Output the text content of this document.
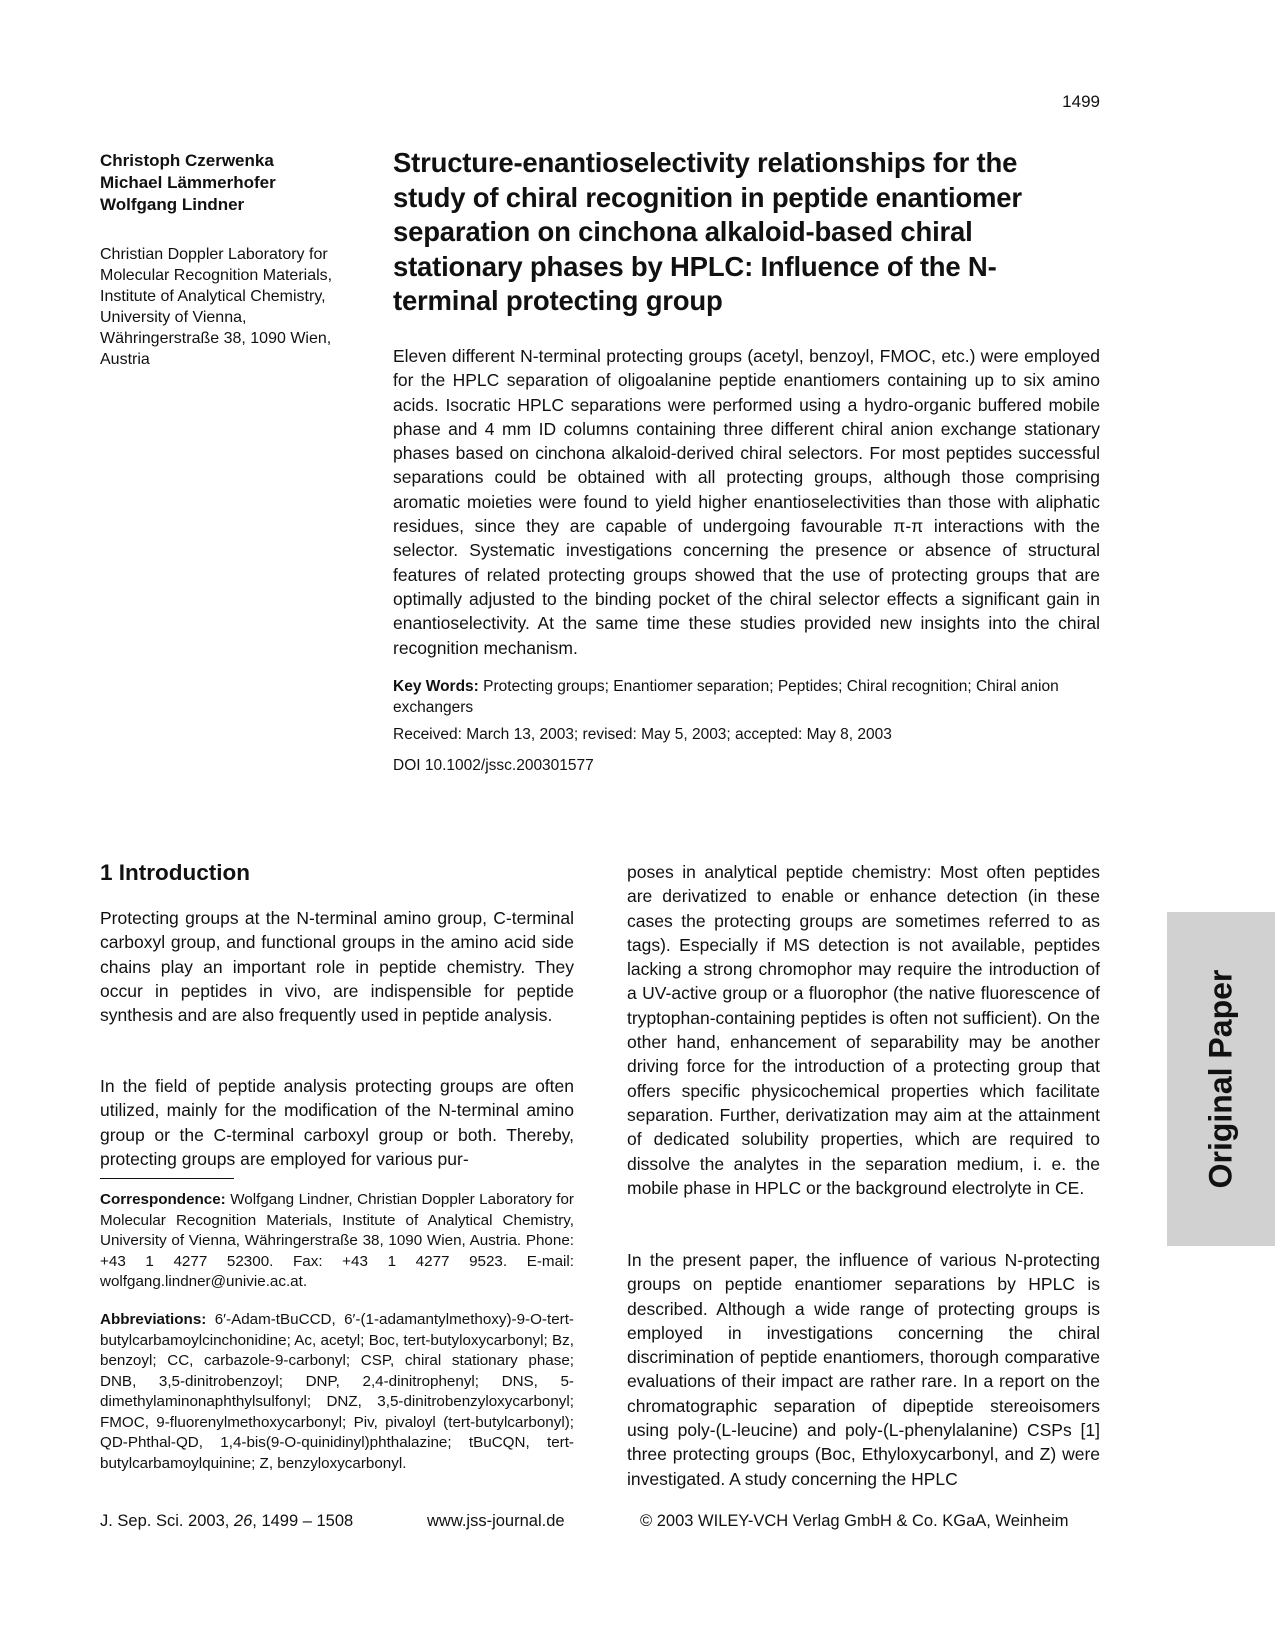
1499
Christoph Czerwenka
Michael Lämmerhofer
Wolfgang Lindner
Christian Doppler Laboratory for Molecular Recognition Materials, Institute of Analytical Chemistry, University of Vienna, Währingerstraße 38, 1090 Wien, Austria
Structure-enantioselectivity relationships for the study of chiral recognition in peptide enantiomer separation on cinchona alkaloid-based chiral stationary phases by HPLC: Influence of the N-terminal protecting group

Eleven different N-terminal protecting groups (acetyl, benzoyl, FMOC, etc.) were employed for the HPLC separation of oligoalanine peptide enantiomers containing up to six amino acids. Isocratic HPLC separations were performed using a hydro-organic buffered mobile phase and 4 mm ID columns containing three different chiral anion exchange stationary phases based on cinchona alkaloid-derived chiral selectors. For most peptides successful separations could be obtained with all protecting groups, although those comprising aromatic moieties were found to yield higher enantioselectivities than those with aliphatic residues, since they are capable of undergoing favourable π-π interactions with the selector. Systematic investigations concerning the presence or absence of structural features of related protecting groups showed that the use of protecting groups that are optimally adjusted to the binding pocket of the chiral selector effects a significant gain in enantioselectivity. At the same time these studies provided new insights into the chiral recognition mechanism.

Key Words: Protecting groups; Enantiomer separation; Peptides; Chiral recognition; Chiral anion exchangers

Received: March 13, 2003; revised: May 5, 2003; accepted: May 8, 2003
DOI 10.1002/jssc.200301577
1 Introduction

Protecting groups at the N-terminal amino group, C-terminal carboxyl group, and functional groups in the amino acid side chains play an important role in peptide chemistry. They occur in peptides in vivo, are indispensible for peptide synthesis and are also frequently used in peptide analysis.

In the field of peptide analysis protecting groups are often utilized, mainly for the modification of the N-terminal amino group or the C-terminal carboxyl group or both. Thereby, protecting groups are employed for various pur-

Correspondence: Wolfgang Lindner, Christian Doppler Laboratory for Molecular Recognition Materials, Institute of Analytical Chemistry, University of Vienna, Währingerstraße 38, 1090 Wien, Austria. Phone: +43 1 4277 52300. Fax: +43 1 4277 9523. E-mail: wolfgang.lindner@univie.ac.at.

Abbreviations: 6′-Adam-tBuCCD, 6′-(1-adamantylmethoxy)-9-O-tert-butylcarbamoylcinchonidine; Ac, acetyl; Boc, tert-butyloxycarbonyl; Bz, benzoyl; CC, carbazole-9-carbonyl; CSP, chiral stationary phase; DNB, 3,5-dinitrobenzoyl; DNP, 2,4-dinitrophenyl; DNS, 5-dimethylaminonaphthylsulfonyl; DNZ, 3,5-dinitrobenzyloxycarbonyl; FMOC, 9-fluorenylmethoxycarbonyl; Piv, pivaloyl (tert-butylcarbonyl); QD-Phthal-QD, 1,4-bis(9-O-quinidinyl)phthalazine; tBuCQN, tert-butylcarbamoylquinine; Z, benzyloxycarbonyl.

poses in analytical peptide chemistry: Most often peptides are derivatized to enable or enhance detection (in these cases the protecting groups are sometimes referred to as tags). Especially if MS detection is not available, peptides lacking a strong chromophor may require the introduction of a UV-active group or a fluorophor (the native fluorescence of tryptophan-containing peptides is often not sufficient). On the other hand, enhancement of separability may be another driving force for the introduction of a protecting group that offers specific physicochemical properties which facilitate separation. Further, derivatization may aim at the attainment of dedicated solubility properties, which are required to dissolve the analytes in the separation medium, i. e. the mobile phase in HPLC or the background electrolyte in CE.

In the present paper, the influence of various N-protecting groups on peptide enantiomer separations by HPLC is described. Although a wide range of protecting groups is employed in investigations concerning the chiral discrimination of peptide enantiomers, thorough comparative evaluations of their impact are rather rare. In a report on the chromatographic separation of dipeptide stereoisomers using poly-(L-leucine) and poly-(L-phenylalanine) CSPs [1] three protecting groups (Boc, Ethyloxycarbonyl, and Z) were investigated. A study concerning the HPLC

J. Sep. Sci. 2003, 26, 1499 – 1508	www.jss-journal.de	© 2003 WILEY-VCH Verlag GmbH & Co. KGaA, Weinheim
Original Paper
